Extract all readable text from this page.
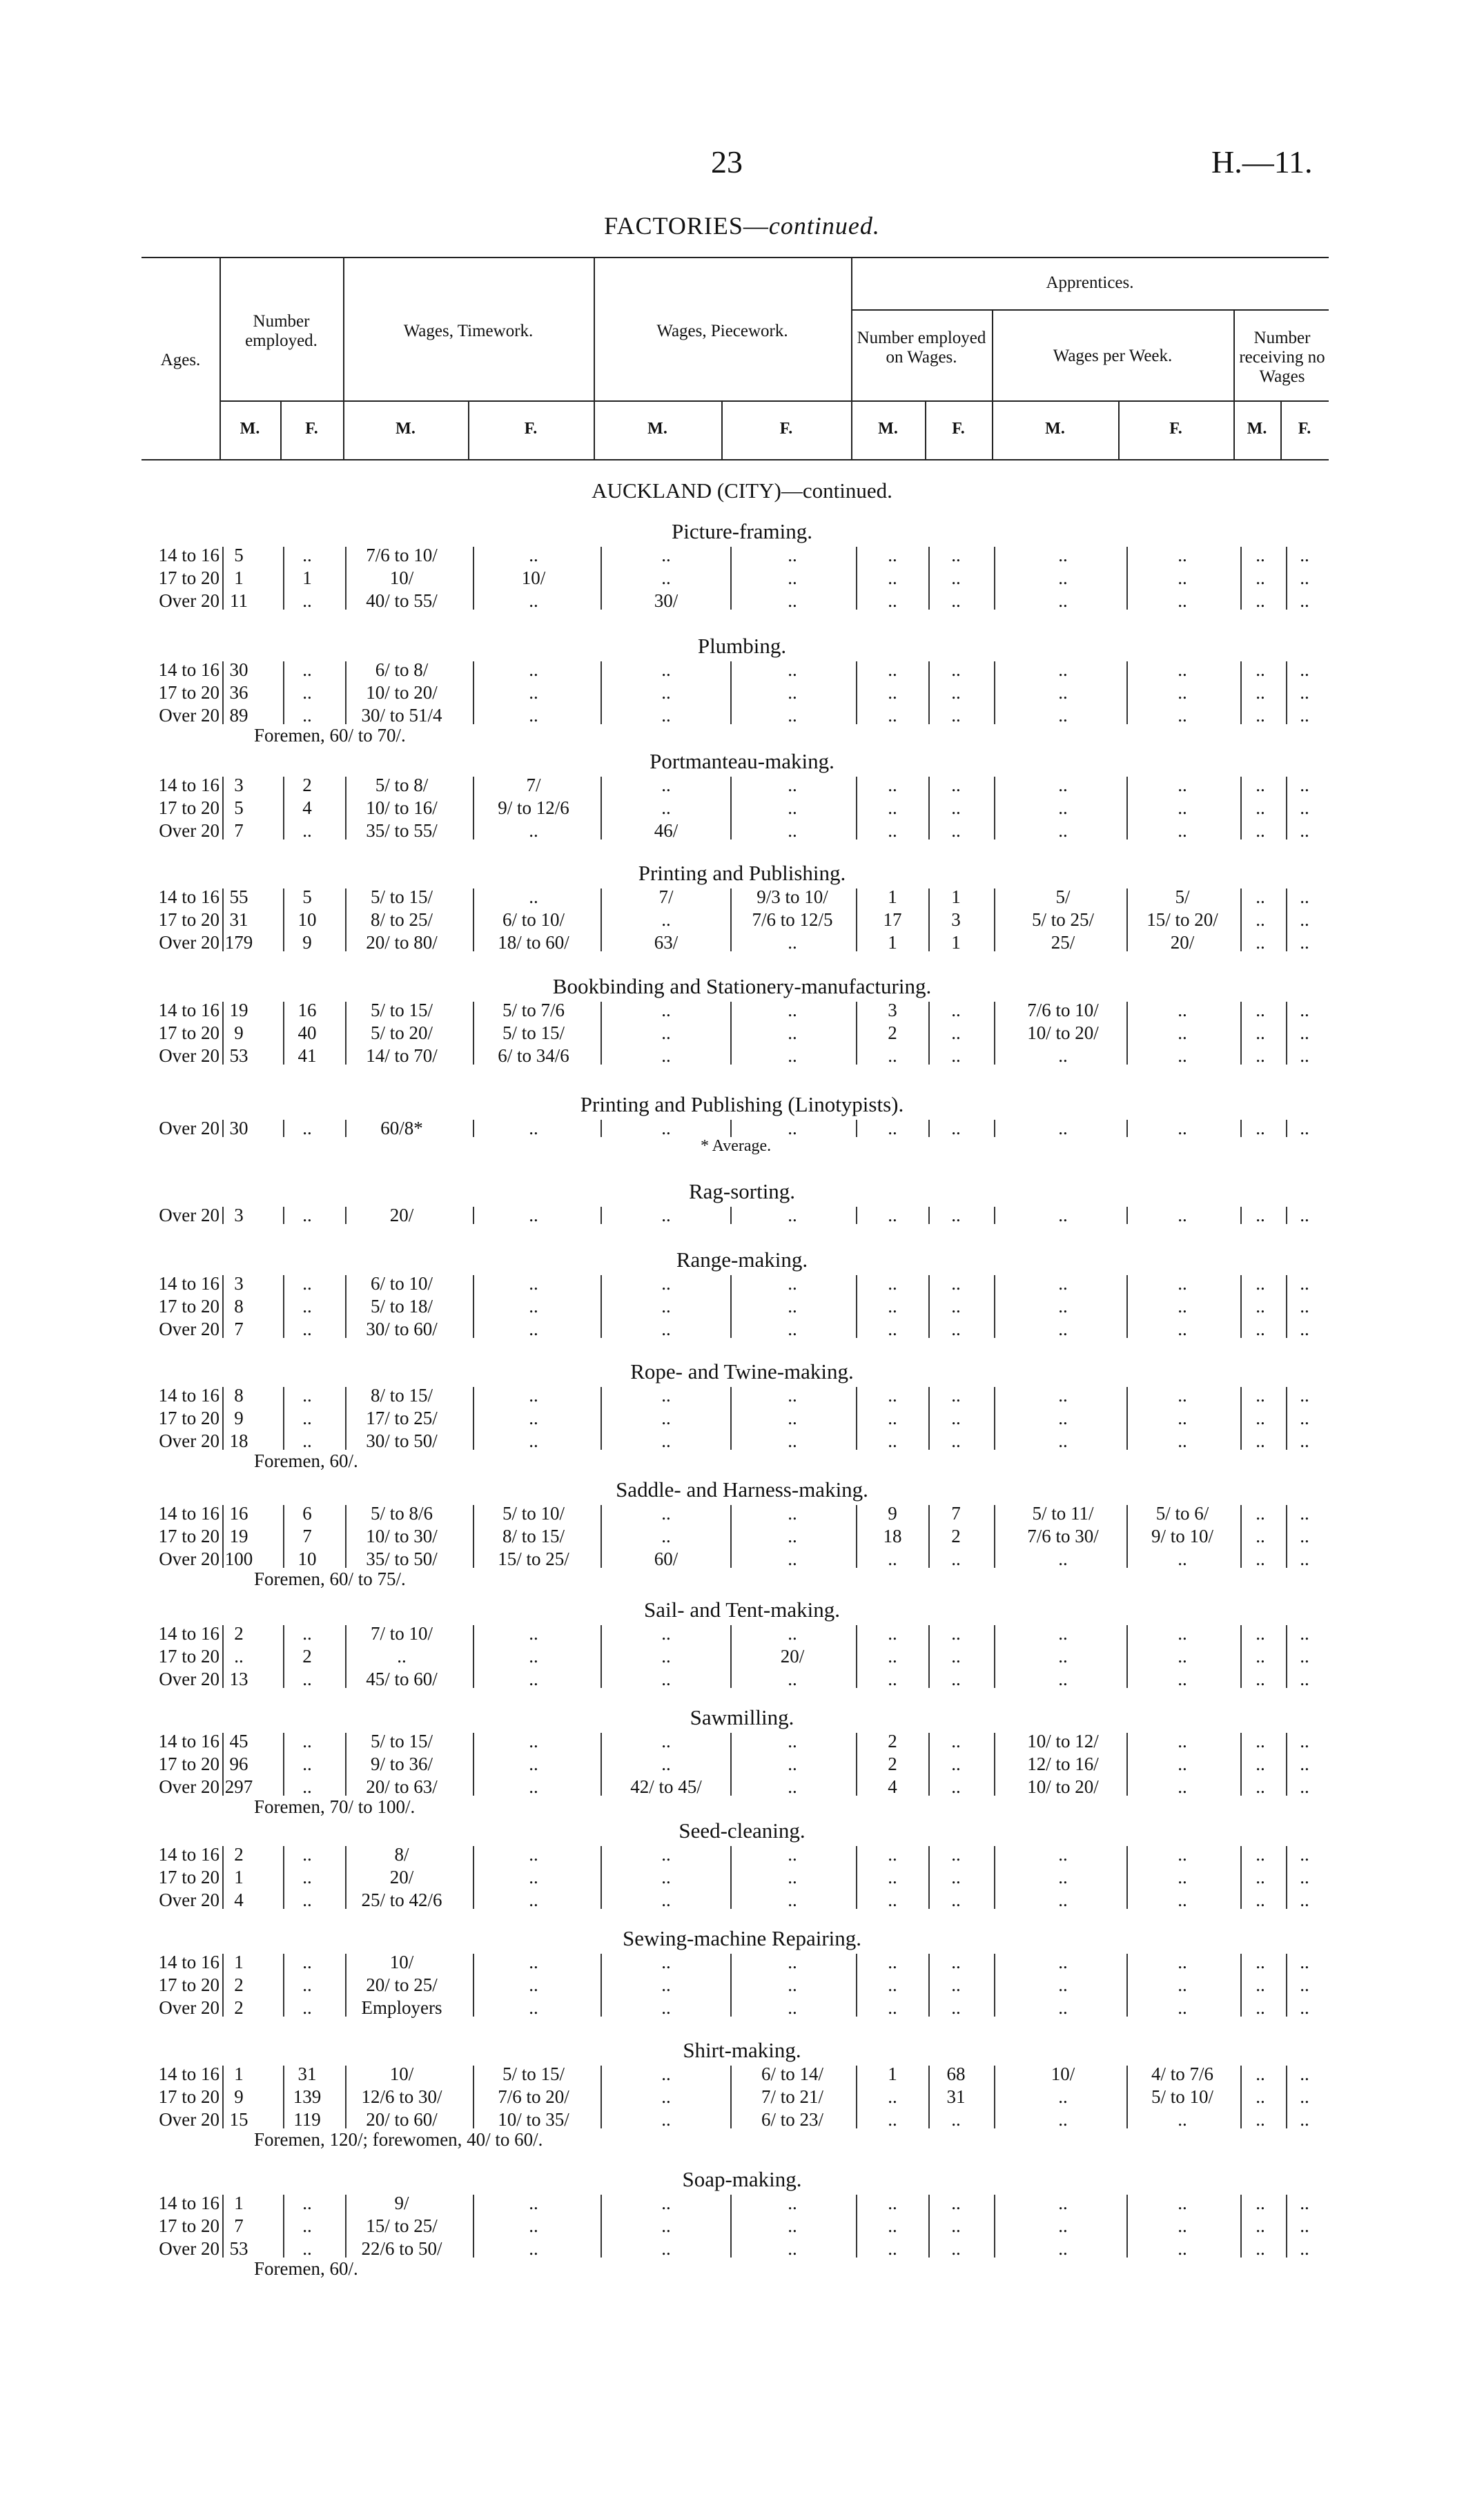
23	H.—11.
FACTORIES—continued.
Ages.
Number employed.
Wages, Timework.	Wages, Piecework.
Apprentices.
Number employed on Wages.	Wages per Week.
Number receiving no Wages
M.	F.	M.	F.	M.	F.	M.	F.	M.	F.	M.	F.
AUCKLAND (CITY)—continued.
Picture-framing.
14 to 16 5	..	7/6 to 10/	..	..	..	..	..	..	..	..	..
17 to 20 1	1	10/	10/	..	..	..	..	..	..	..	..
Over 20 11	..	40/ to 55/	..	30/	..	..	..	..	..	..	..
Plumbing.
14 to 16 30	..	6/ to 8/	..	..	..	..	..	..	..	..	..
17 to 20 36	..	10/ to 20/	..	..	..	..	..	..	..	..	..
Over 20 89	..	30/ to 51/4	..	..	..	..	..	..	..	..	..
Foremen, 60/ to 70/.
Portmanteau-making.
14 to 16 3	2	5/ to 8/	7/	..	..	..	..	..	..	..	..
17 to 20 5	4	10/ to 16/	9/ to 12/6	..	..	..	..	..	..	..	..
Over 20 7	..	35/ to 55/	..	46/	..	..	..	..	..	..	..
Printing and Publishing.
14 to 16 55	5	5/ to 15/	..	7/	9/3 to 10/	1	1	5/	5/	..	..
17 to 20 31	10	8/ to 25/	6/ to 10/	..	7/6 to 12/5	17	3	5/ to 25/	15/ to 20/	..	..
Over 20 179	9	20/ to 80/	18/ to 60/	63/	..	1	1	25/	20/	..	..
Bookbinding and Stationery-manufacturing.
14 to 16 19	16	5/ to 15/	5/ to 7/6	..	..	3	..	7/6 to 10/	..	..	..
17 to 20 9	40	5/ to 20/	5/ to 15/	..	..	2	..	10/ to 20/	..	..	..
Over 20 53	41	14/ to 70/	6/ to 34/6	..	..	..	..	..	..	..	..
Printing and Publishing (Linotypists).
Over 20 30	..	60/8*	..	..	..	..	..	..	..	..	..
* Average.
Rag-sorting.
Over 20 3	..	20/	..	..	..	..	..	..	..	..	..
Range-making.
14 to 16 3	..	6/ to 10/	..	..	..	..	..	..	..	..	..
17 to 20 8	..	5/ to 18/	..	..	..	..	..	..	..	..	..
Over 20 7	..	30/ to 60/	..	..	..	..	..	..	..	..	..
Rope- and Twine-making.
14 to 16 8	..	8/ to 15/	..	..	..	..	..	..	..	..	..
17 to 20 9	..	17/ to 25/	..	..	..	..	..	..	..	..	..
Over 20 18	..	30/ to 50/	..	..	..	..	..	..	..	..	..
Foremen, 60/.
Saddle- and Harness-making.
14 to 16 16	6	5/ to 8/6	5/ to 10/	..	..	9	7	5/ to 11/	5/ to 6/	..	..
17 to 20 19	7	10/ to 30/	8/ to 15/	..	..	18	2	7/6 to 30/	9/ to 10/	..	..
Over 20 100	10	35/ to 50/	15/ to 25/	60/	..	..	..	..	..	..	..
Foremen, 60/ to 75/.
Sail- and Tent-making.
14 to 16 2	..	7/ to 10/	..	..	..	..	..	..	..	..	..
17 to 20 ..	2	..	..	..	20/	..	..	..	..	..	..
Over 20 13	..	45/ to 60/	..	..	..	..	..	..	..	..	..
Sawmilling.
14 to 16 45	..	5/ to 15/	..	..	..	2	..	10/ to 12/	..	..	..
17 to 20 96	..	9/ to 36/	..	..	..	2	..	12/ to 16/	..	..	..
Over 20 297	..	20/ to 63/	..	42/ to 45/	..	4	..	10/ to 20/	..	..	..
Foremen, 70/ to 100/.
Seed-cleaning.
14 to 16 2	..	8/	..	..	..	..	..	..	..	..	..
17 to 20 1	..	20/	..	..	..	..	..	..	..	..	..
Over 20 4	..	25/ to 42/6	..	..	..	..	..	..	..	..	..
Sewing-machine Repairing.
14 to 16 1	..	10/	..	..	..	..	..	..	..	..	..
17 to 20 2	..	20/ to 25/	..	..	..	..	..	..	..	..	..
Over 20 2	..	Employers	..	..	..	..	..	..	..	..	..
Shirt-making.
14 to 16 1	31	10/	5/ to 15/	..	6/ to 14/	1	68	10/	4/ to 7/6	..	..
17 to 20 9	139	12/6 to 30/	7/6 to 20/	..	7/ to 21/	..	31	..	5/ to 10/	..	..
Over 20 15	119	20/ to 60/	10/ to 35/	..	6/ to 23/	..	..	..	..	..	..
Foremen, 120/; forewomen, 40/ to 60/.
Soap-making.
14 to 16 1	..	9/	..	..	..	..	..	..	..	..	..
17 to 20 7	..	15/ to 25/	..	..	..	..	..	..	..	..	..
Over 20 53	..	22/6 to 50/	..	..	..	..	..	..	..	..	..
Foremen, 60/.
